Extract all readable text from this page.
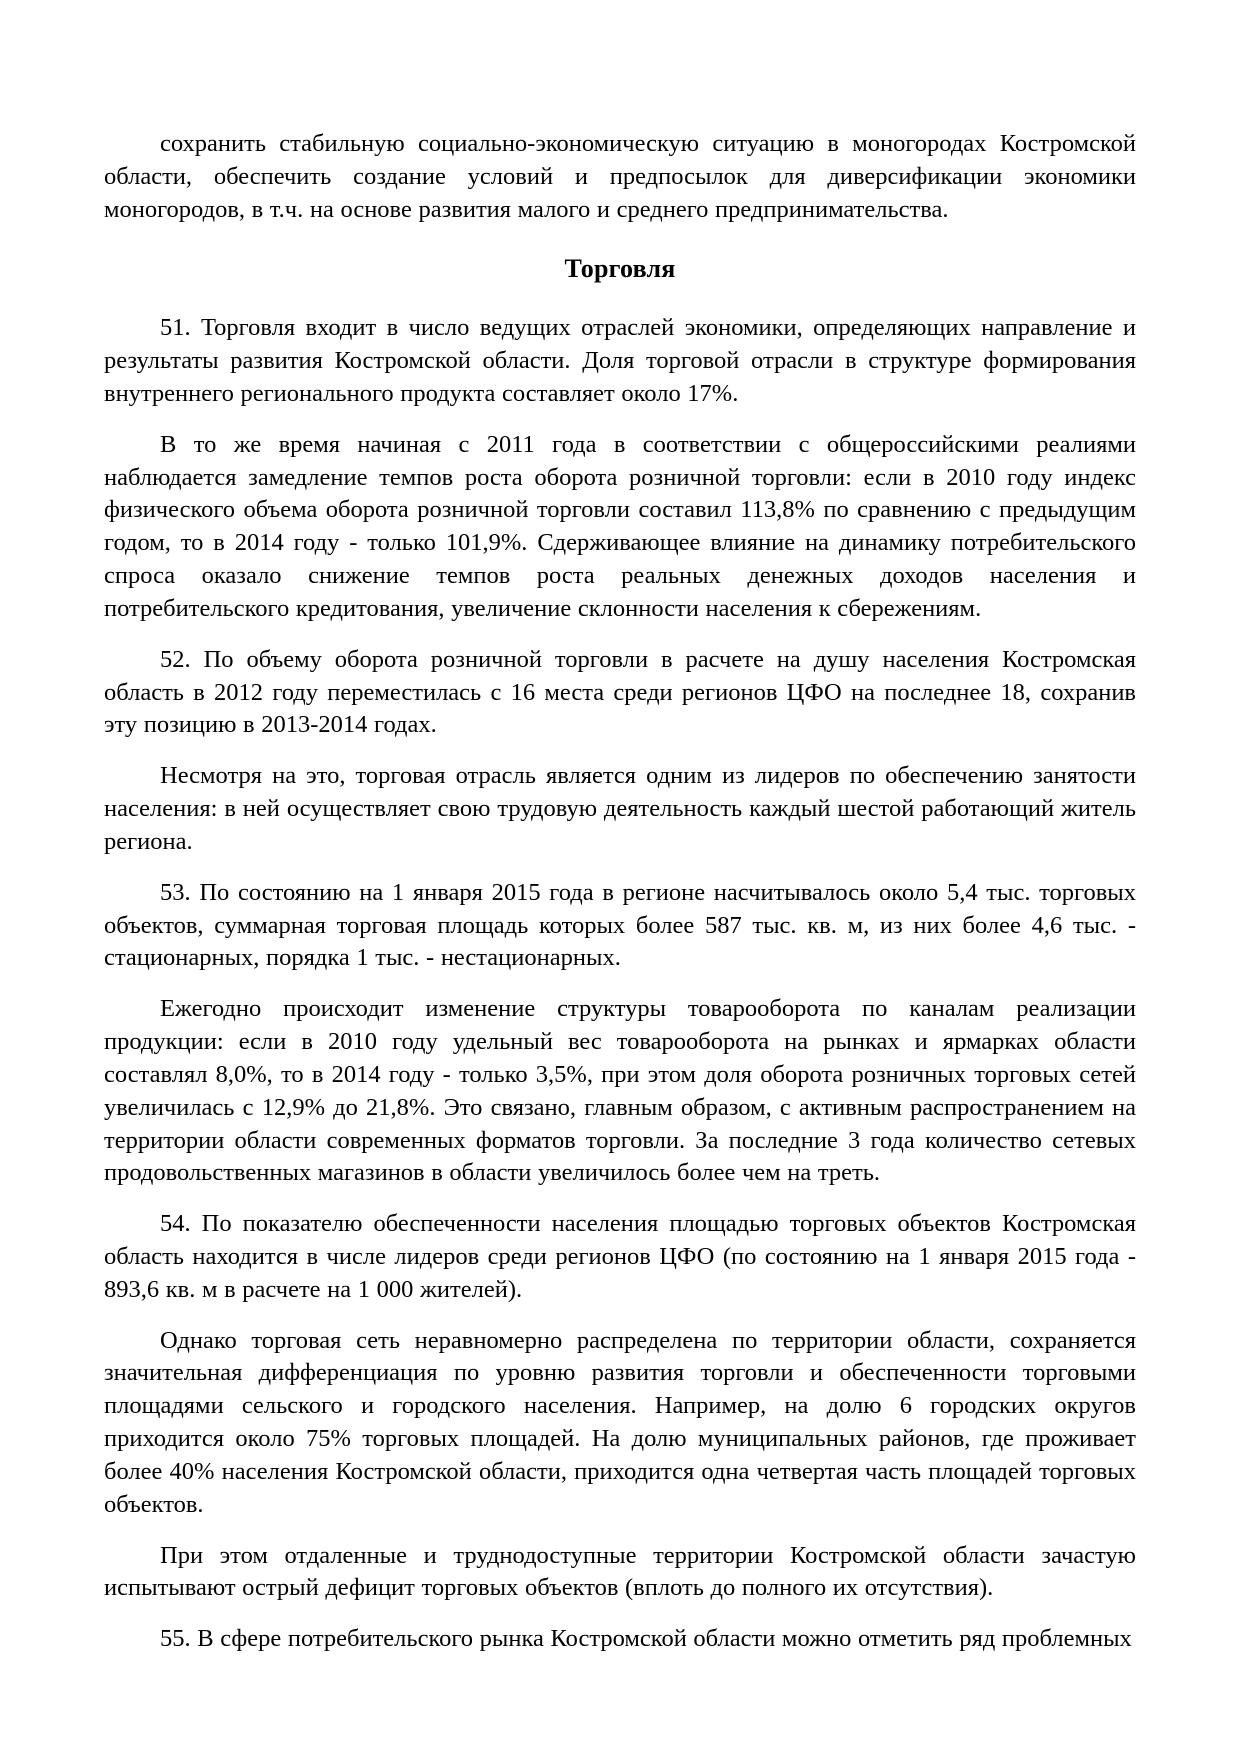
сохранить стабильную социально-экономическую ситуацию в моногородах Костромской области, обеспечить создание условий и предпосылок для диверсификации экономики моногородов, в т.ч. на основе развития малого и среднего предпринимательства.

Торговля

51. Торговля входит в число ведущих отраслей экономики, определяющих направление и результаты развития Костромской области. Доля торговой отрасли в структуре формирования внутреннего регионального продукта составляет около 17%.

В то же время начиная с 2011 года в соответствии с общероссийскими реалиями наблюдается замедление темпов роста оборота розничной торговли: если в 2010 году индекс физического объема оборота розничной торговли составил 113,8% по сравнению с предыдущим годом, то в 2014 году - только 101,9%. Сдерживающее влияние на динамику потребительского спроса оказало снижение темпов роста реальных денежных доходов населения и потребительского кредитования, увеличение склонности населения к сбережениям.

52. По объему оборота розничной торговли в расчете на душу населения Костромская область в 2012 году переместилась с 16 места среди регионов ЦФО на последнее 18, сохранив эту позицию в 2013-2014 годах.

Несмотря на это, торговая отрасль является одним из лидеров по обеспечению занятости населения: в ней осуществляет свою трудовую деятельность каждый шестой работающий житель региона.

53. По состоянию на 1 января 2015 года в регионе насчитывалось около 5,4 тыс. торговых объектов, суммарная торговая площадь которых более 587 тыс. кв. м, из них более 4,6 тыс. - стационарных, порядка 1 тыс. - нестационарных.

Ежегодно происходит изменение структуры товарооборота по каналам реализации продукции: если в 2010 году удельный вес товарооборота на рынках и ярмарках области составлял 8,0%, то в 2014 году - только 3,5%, при этом доля оборота розничных торговых сетей увеличилась с 12,9% до 21,8%. Это связано, главным образом, с активным распространением на территории области современных форматов торговли. За последние 3 года количество сетевых продовольственных магазинов в области увеличилось более чем на треть.

54. По показателю обеспеченности населения площадью торговых объектов Костромская область находится в числе лидеров среди регионов ЦФО (по состоянию на 1 января 2015 года - 893,6 кв. м в расчете на 1 000 жителей).

Однако торговая сеть неравномерно распределена по территории области, сохраняется значительная дифференциация по уровню развития торговли и обеспеченности торговыми площадями сельского и городского населения. Например, на долю 6 городских округов приходится около 75% торговых площадей. На долю муниципальных районов, где проживает более 40% населения Костромской области, приходится одна четвертая часть площадей торговых объектов.

При этом отдаленные и труднодоступные территории Костромской области зачастую испытывают острый дефицит торговых объектов (вплоть до полного их отсутствия).

55. В сфере потребительского рынка Костромской области можно отметить ряд проблемных
